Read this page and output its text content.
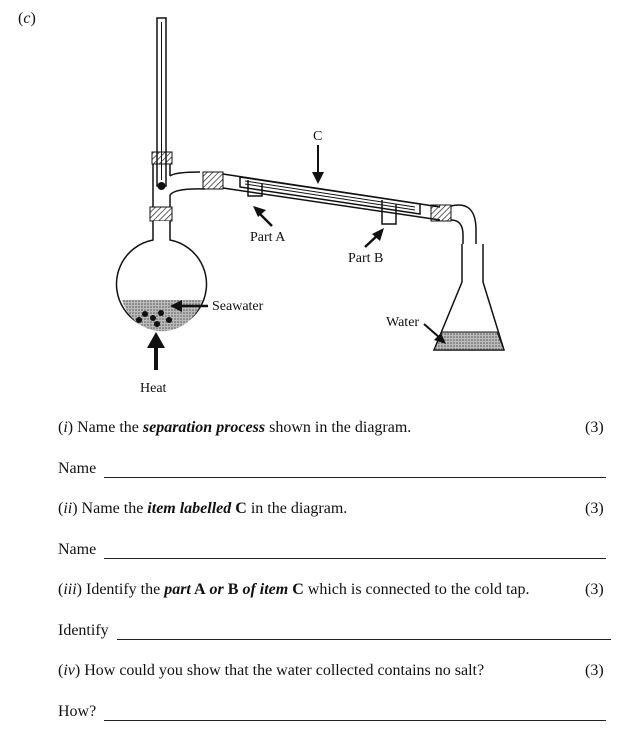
(c)
C
Part A
Part B
Seawater
Water
Heat
(i) Name the separation process shown in the diagram.	(3)
Name
(ii) Name the item labelled C in the diagram.	(3)
Name
(iii) Identify the part A or B of item C which is connected to the cold tap.	(3)
Identify
(iv) How could you show that the water collected contains no salt?	(3)
How?
